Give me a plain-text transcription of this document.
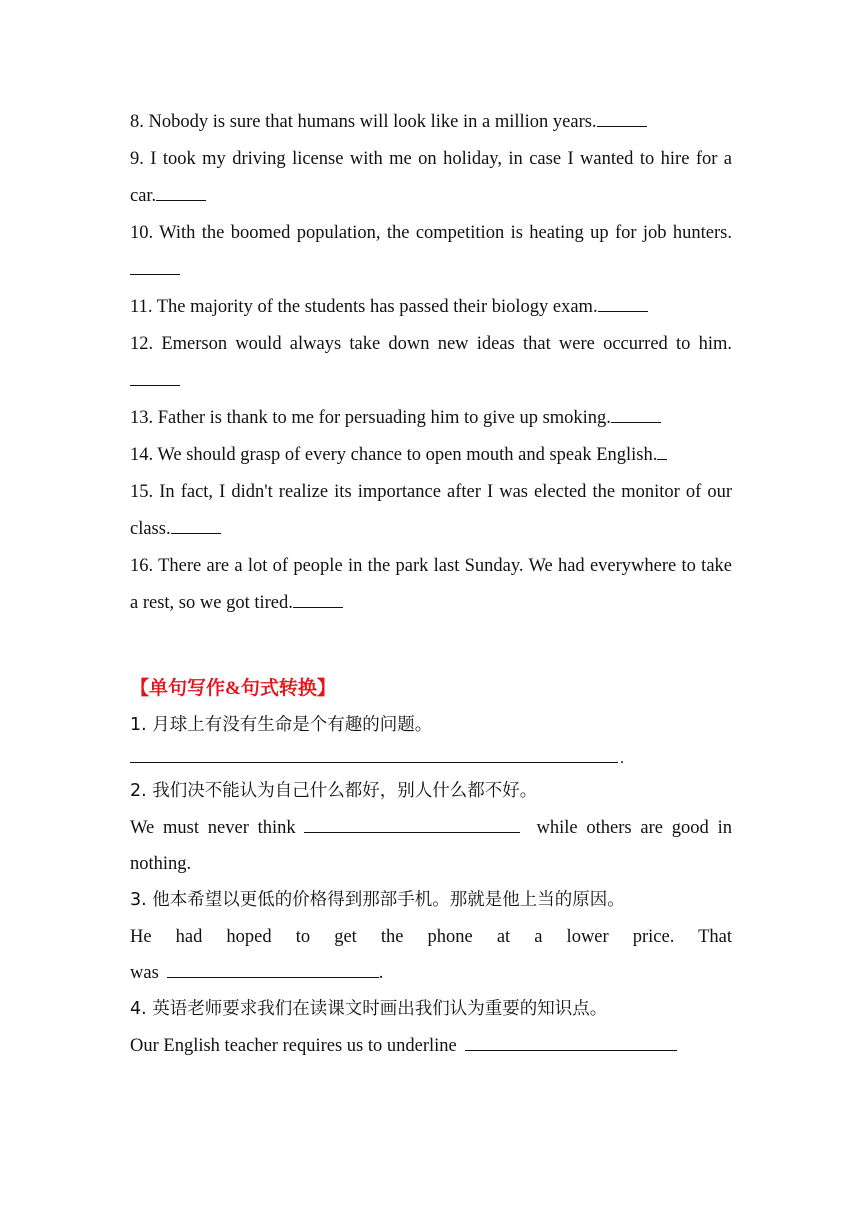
8. Nobody is sure that humans will look like in a million years.

9. I took my driving license with me on holiday, in case I wanted to hire for a car.

10. With the boomed population, the competition is heating up for job hunters.

11. The majority of the students has passed their biology exam.

12. Emerson would always take down new ideas that were occurred to him.

13. Father is thank to me for persuading him to give up smoking.

14. We should grasp of every chance to open mouth and speak English.

15. In fact, I didn't realize its importance after I was elected the monitor of our class.

16. There are a lot of people in the park last Sunday. We had everywhere to take a rest, so we got tired.

【单句写作&句式转换】

1. 月球上有没有生命是个有趣的问题。

.

2. 我们决不能认为自己什么都好，别人什么都不好。

We must never think	while others are good in nothing.

3. 他本希望以更低的价格得到那部手机。那就是他上当的原因。

He had hoped to get the phone at a lower price. That

was	.

4. 英语老师要求我们在读课文时画出我们认为重要的知识点。

Our English teacher requires us to underline
